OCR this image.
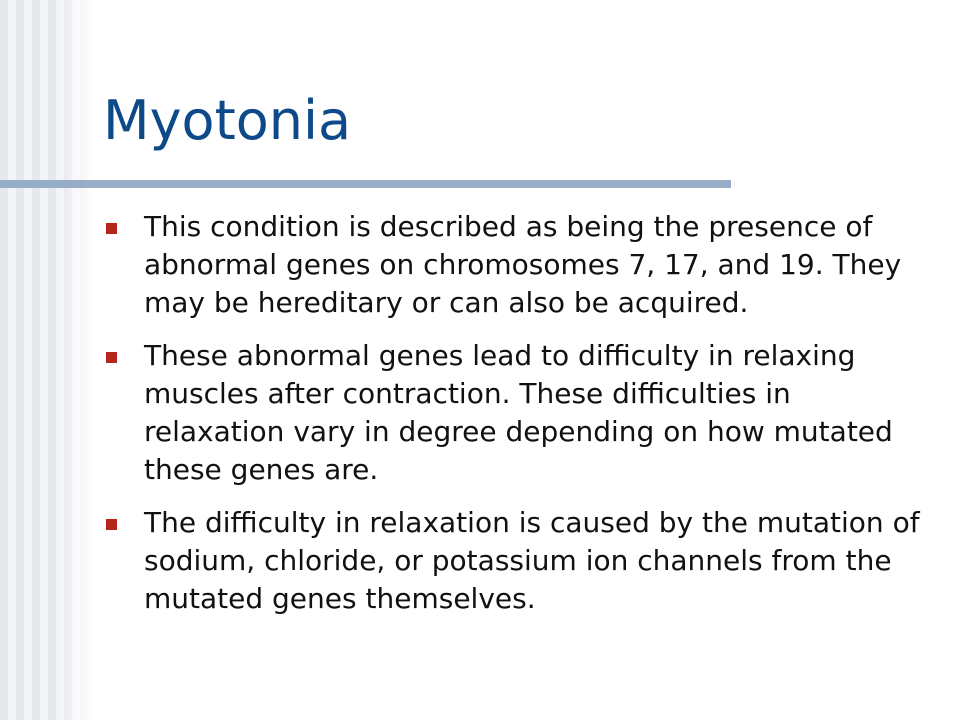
Myotonia
This condition is described as being the presence of abnormal genes on chromosomes 7, 17, and 19. They may be hereditary or can also be acquired.
These abnormal genes lead to difficulty in relaxing muscles after contraction. These difficulties in relaxation vary in degree depending on how mutated these genes are.
The difficulty in relaxation is caused by the mutation of sodium, chloride, or potassium ion channels from the mutated genes themselves.
